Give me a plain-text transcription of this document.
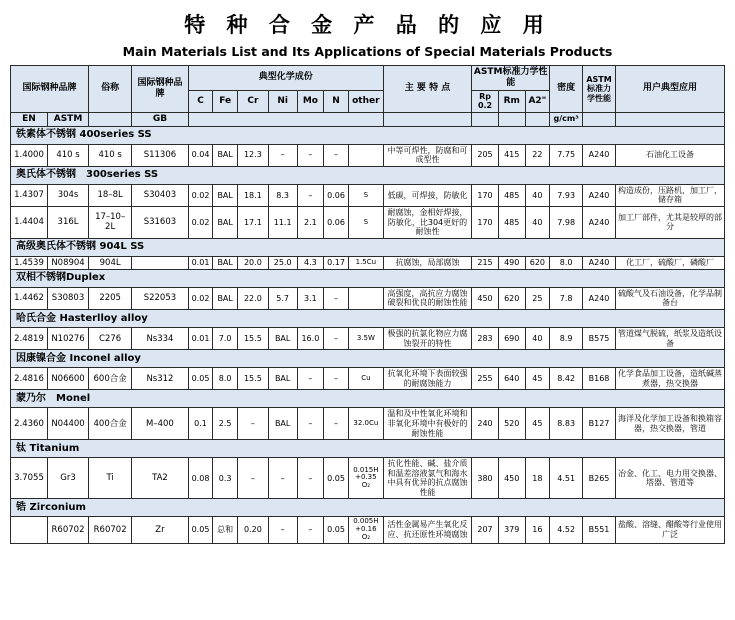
特 种 合 金 产 品 的 应 用
Main Materials List and Its Applications of Special Materials Products
国际钢种品牌		俗称	国际钢种品牌	典型化学成份							主 要 特 点	ASTM标准力学性能			密度	ASTM标准力学性能	用户典型应用
				C	Fe	Cr	Ni	Mo	N	other		Rp 0.2	Rm	A2"			
EN	ASTM		GB												g/cm³		
铁素体不锈钢 400series SS																	
1.4000	410 s	410 s	S11306	0.04	BAL	12.3	–	–	–		中等可焊性，防腐和可成型性	205	415	22	7.75	A240	石油化工设备
奥氏体不锈钢　300series SS																	
1.4307	304s	18–8L	S30403	0.02	BAL	18.1	8.3	–	0.06	S	低碳，可焊接，防敏化	170	485	40	7.93	A240	构造成份，压路机，加工厂，储存箱
1.4404	316L	17–10–2L	S31603	0.02	BAL	17.1	11.1	2.1	0.06	S	耐腐蚀，金相好焊接，防敏化，比304更好的耐蚀性	170	485	40	7.98	A240	加工厂部件，尤其是较厚的部分
高级奥氏体不锈钢 904L SS																	
1.4539	N08904	904L		0.01	BAL	20.0	25.0	4.3	0.17	1.5Cu	抗腐蚀，局部腐蚀	215	490	620	8.0	A240	化工厂，硫酸厂，磷酸厂
双相不锈钢Duplex																	
1.4462	S30803	2205	S22053	0.02	BAL	22.0	5.7	3.1	–		高强度，高抗应力腐蚀破裂和优良的耐蚀性能	450	620	25	7.8	A240	硫酸气及石油设备，化学品制备台
哈氏合金 Hasterlloy alloy																	
2.4819	N10276	C276	Ns334	0.01	7.0	15.5	BAL	16.0	–	3.5W	极强的抗氯化物应力腐蚀裂开的特性	283	690	40	8.9	B575	管道煤气脱硫，纸浆及造纸设备
因康镍合金 Inconel alloy																	
2.4816	N06600	600合金	Ns312	0.05	8.0	15.5	BAL	–	–	Cu	抗氧化环境下表面较强的耐腐蚀能力	255	640	45	8.42	B168	化学食品加工设备，造纸碱蒸煮器，热交换器
蒙乃尔　Monel																	
2.4360	N04400	400合金	M–400	0.1	2.5	–	BAL	–	–	32.0Cu	温和及中性氧化环境和非氧化环境中有极好的耐蚀性能	240	520	45	8.83	B127	海洋及化学加工设备和换箱容器，热交换器，管道
钛 Titanium																	
3.7055	Gr3	Ti	TA2	0.08	0.3	–	–	–	0.05	0.015H +0.35 O₂	抗化性能、碱、盐介质和温差溶液氯气和海水中具有优异的抗点腐蚀性能	380	450	18	4.51	B265	冶金、化工、电力用交换器、塔器、管道等
锆 Zirconium																	
	R60702	R60702	Zr	0.05	总和	0.20	–	–	0.05	0.005H +0.16 O₂	活性金属易产生氧化反应、抗还原性环境腐蚀	207	379	16	4.52	B551	盐酸、溶缝、醋酸等行业使用广泛
